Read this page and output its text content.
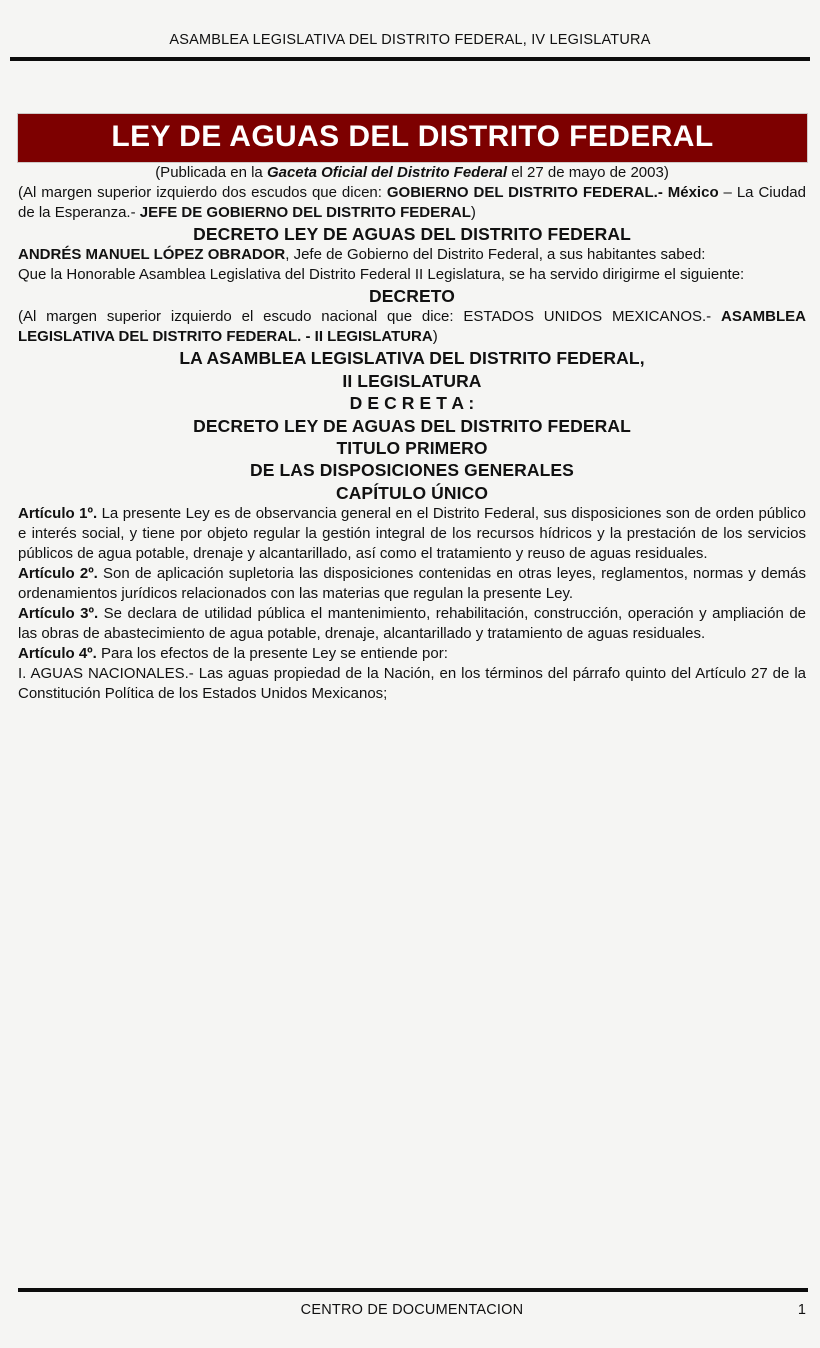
ASAMBLEA LEGISLATIVA DEL DISTRITO FEDERAL, IV LEGISLATURA
LEY DE AGUAS DEL DISTRITO FEDERAL

(Publicada en la Gaceta Oficial del Distrito Federal el 27 de mayo de 2003)

(Al margen superior izquierdo dos escudos que dicen: GOBIERNO DEL DISTRITO FEDERAL.- México – La Ciudad de la Esperanza.- JEFE DE GOBIERNO DEL DISTRITO FEDERAL)

DECRETO LEY DE AGUAS DEL DISTRITO FEDERAL

ANDRÉS MANUEL LÓPEZ OBRADOR, Jefe de Gobierno del Distrito Federal, a sus habitantes sabed:

Que la Honorable Asamblea Legislativa del Distrito Federal II Legislatura, se ha servido dirigirme el siguiente:

DECRETO

(Al margen superior izquierdo el escudo nacional que dice: ESTADOS UNIDOS MEXICANOS.- ASAMBLEA LEGISLATIVA DEL DISTRITO FEDERAL. - II LEGISLATURA)

LA ASAMBLEA LEGISLATIVA DEL DISTRITO FEDERAL,
II LEGISLATURA
D E C R E T A :
DECRETO LEY DE AGUAS DEL DISTRITO FEDERAL
TITULO PRIMERO
DE LAS DISPOSICIONES GENERALES
CAPÍTULO ÚNICO

Artículo 1º. La presente Ley es de observancia general en el Distrito Federal, sus disposiciones son de orden público e interés social, y tiene por objeto regular la gestión integral de los recursos hídricos y la prestación de los servicios públicos de agua potable, drenaje y alcantarillado, así como el tratamiento y reuso de aguas residuales.

Artículo 2º. Son de aplicación supletoria las disposiciones contenidas en otras leyes, reglamentos, normas y demás ordenamientos jurídicos relacionados con las materias que regulan la presente Ley.

Artículo 3º. Se declara de utilidad pública el mantenimiento, rehabilitación, construcción, operación y ampliación de las obras de abastecimiento de agua potable, drenaje, alcantarillado y tratamiento de aguas residuales.

Artículo 4º. Para los efectos de la presente Ley se entiende por:

I. AGUAS NACIONALES.- Las aguas propiedad de la Nación, en los términos del párrafo quinto del Artículo 27 de la Constitución Política de los Estados Unidos Mexicanos;

CENTRO DE DOCUMENTACION	1
